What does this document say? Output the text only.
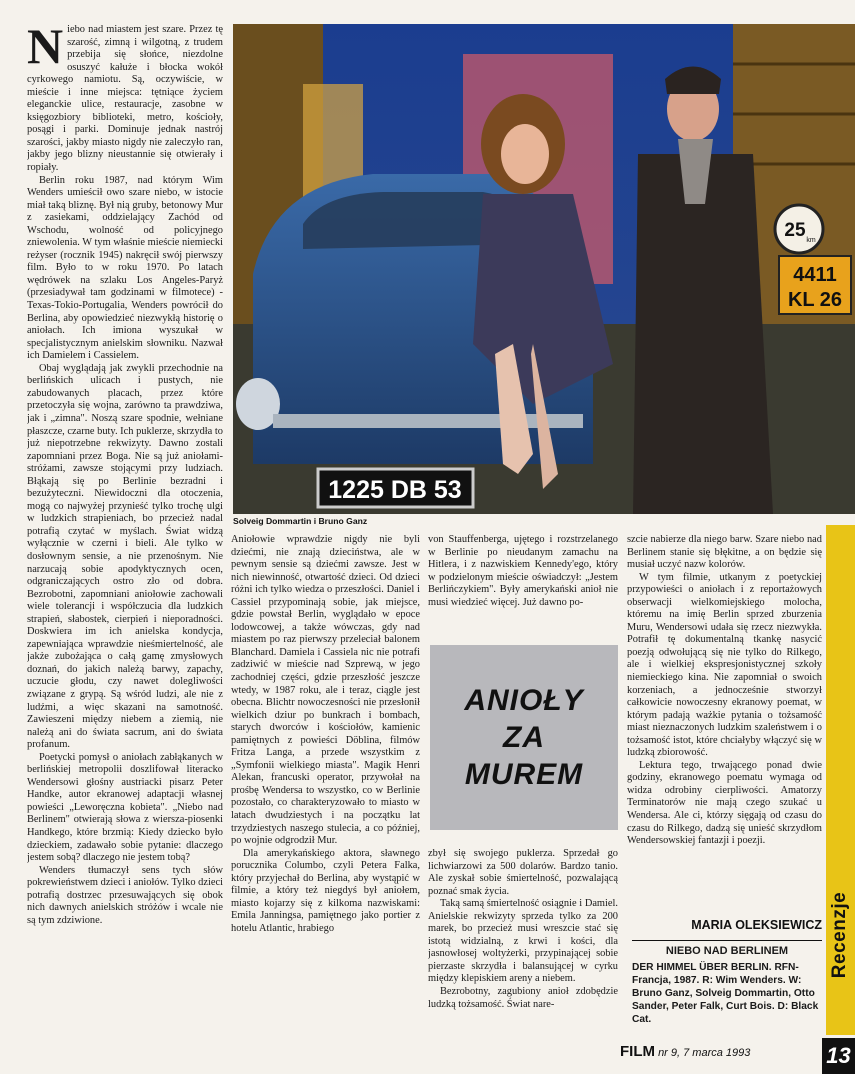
N iebo nad miastem jest szare. Przez tę szarość, zimną i wilgotną, z trudem przebija się słońce, niezdolne osuszyć kałuże i błocka wokół cyrkowego namiotu. Są, oczywiście, w mieście i inne miejsca: tętniące życiem eleganckie ulice, restauracje, zasobne w księgozbiory biblioteki, metro, kościoły, posągi i parki. Dominuje jednak nastrój szarości, jakby miasto nigdy nie zaleczyło ran, jakby jego blizny nieustannie się otwierały i ropiały.

Berlin roku 1987, nad którym Wim Wenders umieścił owo szare niebo, w istocie miał taką bliznę. Był nią gruby, betonowy Mur z zasiekami, oddzielający Zachód od Wschodu, wolność od policyjnego zniewolenia. W tym właśnie mieście niemiecki reżyser (rocznik 1945) nakręcił swój pierwszy film. Było to w roku 1970. Po latach wędrówek na szlaku Los Angeles-Paryż (przesiadywał tam godzinami w filmotece) -Texas-Tokio-Portugalia, Wenders powrócił do Berlina, aby opowiedzieć niezwykłą historię o aniołach. Ich imiona wyszukał w specjalistycznym anielskim słowniku. Nazwał ich Damielem i Cassielem.

Obaj wyglądają jak zwykli przechodnie na berlińskich ulicach i pustych, nie zabudowanych placach, przez które przetoczyła się wojna, zarówno ta prawdziwa, jak i „zimna". Noszą szare spodnie, wełniane płaszcze, czarne buty. Ich puklerze, skrzydła to już niepotrzebne rekwizyty. Dawno zostali zapomniani przez Boga. Nie są już aniołami-stróżami, zawsze stojącymi przy ludziach. Błąkają się po Berlinie bezradni i bezużyteczni. Niewidoczni dla otoczenia, mogą co najwyżej przynieść tylko trochę ulgi w ludzkich strapieniach, bo przecież nadal potrafią czytać w myślach. Świat widzą wyłącznie w czerni i bieli. Ale tylko w dosłownym sensie, a nie przenośnym. Nie narzucają sobie apodyktycznych ocen, odgraniczających ostro zło od dobra. Bezrobotni, zapomniani aniołowie zachowali wiele tolerancji i współczucia dla ludzkich strapień, słabostek, cierpień i nieporadności. Doskwiera im ich anielska kondycja, zapewniająca wprawdzie nieśmiertelność, ale jakże zubożająca o całą gamę zmysłowych doznań, do jakich należą barwy, zapachy, uczucie głodu, czy nawet dolegliwości związane z grypą. Są wśród ludzi, ale nie z ludźmi, a więc skazani na samotność. Zawieszeni między niebem a ziemią, nie należą ani do świata sacrum, ani do świata profanum.

Poetycki pomysł o aniołach zabłąkanych w berlińskiej metropolii doszlifował literacko Wendersowi głośny austriacki pisarz Peter Handke, autor ekranowej adaptacji własnej powieści „Leworęczna kobieta". „Niebo nad Berlinem" otwierają słowa z wiersza-piosenki Handkego, które brzmią: Kiedy dziecko było dzieckiem, zadawało sobie pytanie: dlaczego jestem sobą? dlaczego nie jestem tobą?

Wenders tłumaczył sens tych słów pokrewieństwem dzieci i aniołów. Tylko dzieci potrafią dostrzec przesuwających się obok nich dawnych anielskich stróżów i wcale nie są tym zdziwione.

1225 DB 53
25 km
4411
KL 26
Solveig Dommartin i Bruno Ganz

Aniołowie wprawdzie nigdy nie byli dziećmi, nie znają dzieciństwa, ale w pewnym sensie są dziećmi zawsze. Jest w nich niewinność, otwartość dzieci. Od dzieci różni ich tylko wiedza o przeszłości. Daniel i Cassiel przypominają sobie, jak miejsce, gdzie powstał Berlin, wyglądało w epoce lodowcowej, a także wówczas, gdy nad miastem po raz pierwszy przeleciał balonem Blanchard. Damiela i Cassiela nic nie potrafi zadziwić w mieście nad Szprewą, w jego zachodniej części, gdzie przeszłość jeszcze wtedy, w 1987 roku, ale i teraz, ciągle jest obecna. Blichtr nowoczesności nie przesłonił wielkich dziur po bunkrach i bombach, starych dworców i kościołów, kamienic pamiętnych z powieści Döblina, filmów Fritza Langa, a przede wszystkim z „Symfonii wielkiego miasta". Magik Henri Alekan, francuski operator, przywołał na prośbę Wendersa to wszystko, co w Berlinie pozostało, co charakteryzowało to miasto w latach dwudziestych i na początku lat trzydziestych naszego stulecia, a co później, po wojnie odgrodził Mur.

Dla amerykańskiego aktora, sławnego porucznika Columbo, czyli Petera Falka, który przyjechał do Berlina, aby wystąpić w filmie, a który też niegdyś był aniołem, miasto kojarzy się z kilkoma nazwiskami: Emila Janningsa, pamiętnego jako portier z hotelu Atlantic, hrabiego

von Stauffenberga, ujętego i rozstrzelanego w Berlinie po nieudanym zamachu na Hitlera, i z nazwiskiem Kennedy'ego, który w podzielonym mieście oświadczył: „Jestem Berlińczykiem". Były amerykański anioł nie musi wiedzieć więcej. Już dawno po-

ANIOŁY
ZA
MUREM

zbył się swojego puklerza. Sprzedał go lichwiarzowi za 500 dolarów. Bardzo tanio. Ale zyskał sobie śmiertelność, pozwalającą poznać smak życia.

Taką samą śmiertelność osiągnie i Damiel. Anielskie rekwizyty sprzeda tylko za 200 marek, bo przecież musi wreszcie stać się istotą widzialną, z krwi i kości, dla jasnowłosej woltyżerki, przypinającej sobie pierzaste skrzydła i balansującej w cyrku między klepiskiem areny a niebem.

Bezrobotny, zagubiony anioł zdobędzie ludzką tożsamość. Świat nare-

szcie nabierze dla niego barw. Szare niebo nad Berlinem stanie się błękitne, a on będzie się musiał uczyć nazw kolorów.

W tym filmie, utkanym z poetyckiej przypowieści o aniołach i z reportażowych obserwacji wielkomiejskiego molocha, któremu na imię Berlin sprzed zburzenia Muru, Wendersowi udała się rzecz niezwykła. Potrafił tę dokumentalną tkankę nasycić poezją odwołującą się nie tylko do Rilkego, ale i wielkiej ekspresjonistycznej szkoły niemieckiego kina. Nie zapomniał o swoich korzeniach, a jednocześnie stworzył całkowicie nowoczesny ekranowy poemat, w którym padają ważkie pytania o tożsamość miast nieznaczonych ludzkim szaleństwem i o tożsamość istot, które chciałyby włączyć się w ludzką zbiorowość.

Lektura tego, trwającego ponad dwie godziny, ekranowego poematu wymaga od widza odrobiny cierpliwości. Amatorzy Terminatorów nie mają czego szukać u Wendersa. Ale ci, którzy sięgają od czasu do czasu do Rilkego, dadzą się unieść skrzydłom Wendersowskiej fantazji i poezji.

MARIA OLEKSIEWICZ
NIEBO NAD BERLINEM
DER HIMMEL ÜBER BERLIN. RFN-Francja, 1987. R: Wim Wenders. W: Bruno Ganz, Solveig Dommartin, Otto Sander, Peter Falk, Curt Bois. D: Black Cat.
Recenzje
FILM nr 9, 7 marca 1993	13
